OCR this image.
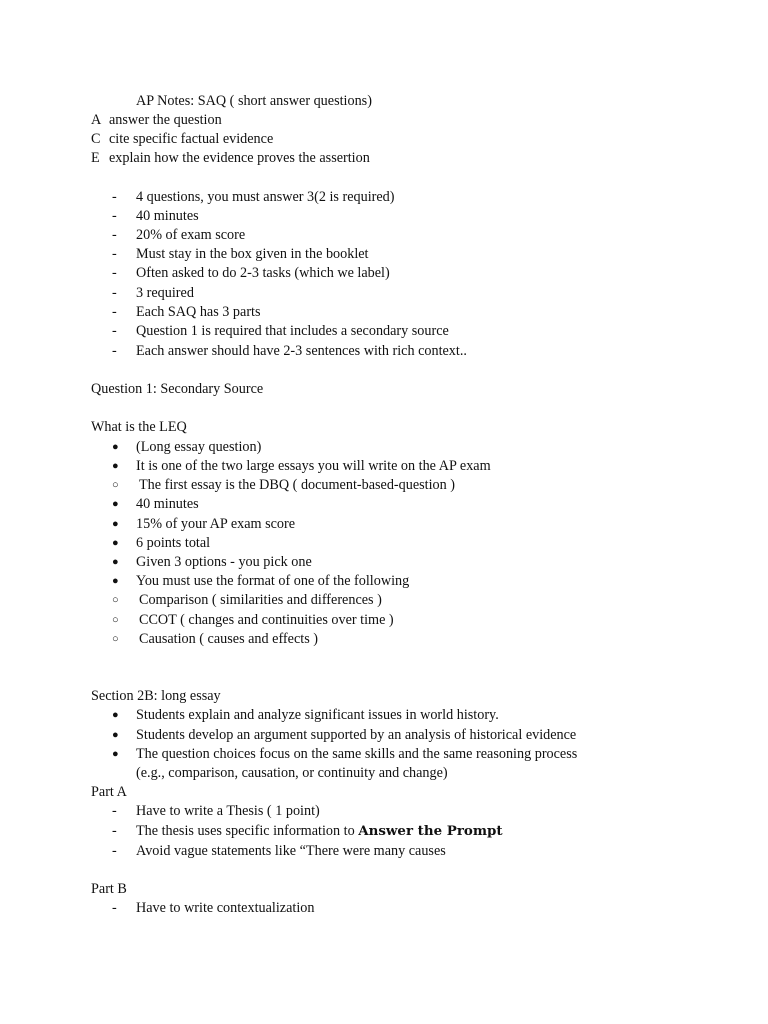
AP Notes: SAQ ( short answer questions)
A answer the question
C cite specific factual evidence
E explain how the evidence proves the assertion
- 4 questions, you must answer 3(2 is required)
- 40 minutes
- 20% of exam score
- Must stay in the box given in the booklet
- Often asked to do 2-3 tasks (which we label)
- 3 required
- Each SAQ has 3 parts
- Question 1 is required that includes a secondary source
- Each answer should have 2-3 sentences with rich context..
Question 1: Secondary Source
What is the LEQ
● (Long essay question)
● It is one of the two large essays you will write on the AP exam
○ The first essay is the DBQ ( document-based-question )
● 40 minutes
● 15% of your AP exam score
● 6 points total
● Given 3 options - you pick one
● You must use the format of one of the following
○ Comparison ( similarities and differences )
○ CCOT ( changes and continuities over time )
○ Causation ( causes and effects )
Section 2B: long essay
● Students explain and analyze significant issues in world history.
● Students develop an argument supported by an analysis of historical evidence
● The question choices focus on the same skills and the same reasoning process
(e.g., comparison, causation, or continuity and change)
Part A
- Have to write a Thesis ( 1 point)
- The thesis uses specific information to Answer the Prompt
- Avoid vague statements like “There were many causes
Part B
- Have to write contextualization
